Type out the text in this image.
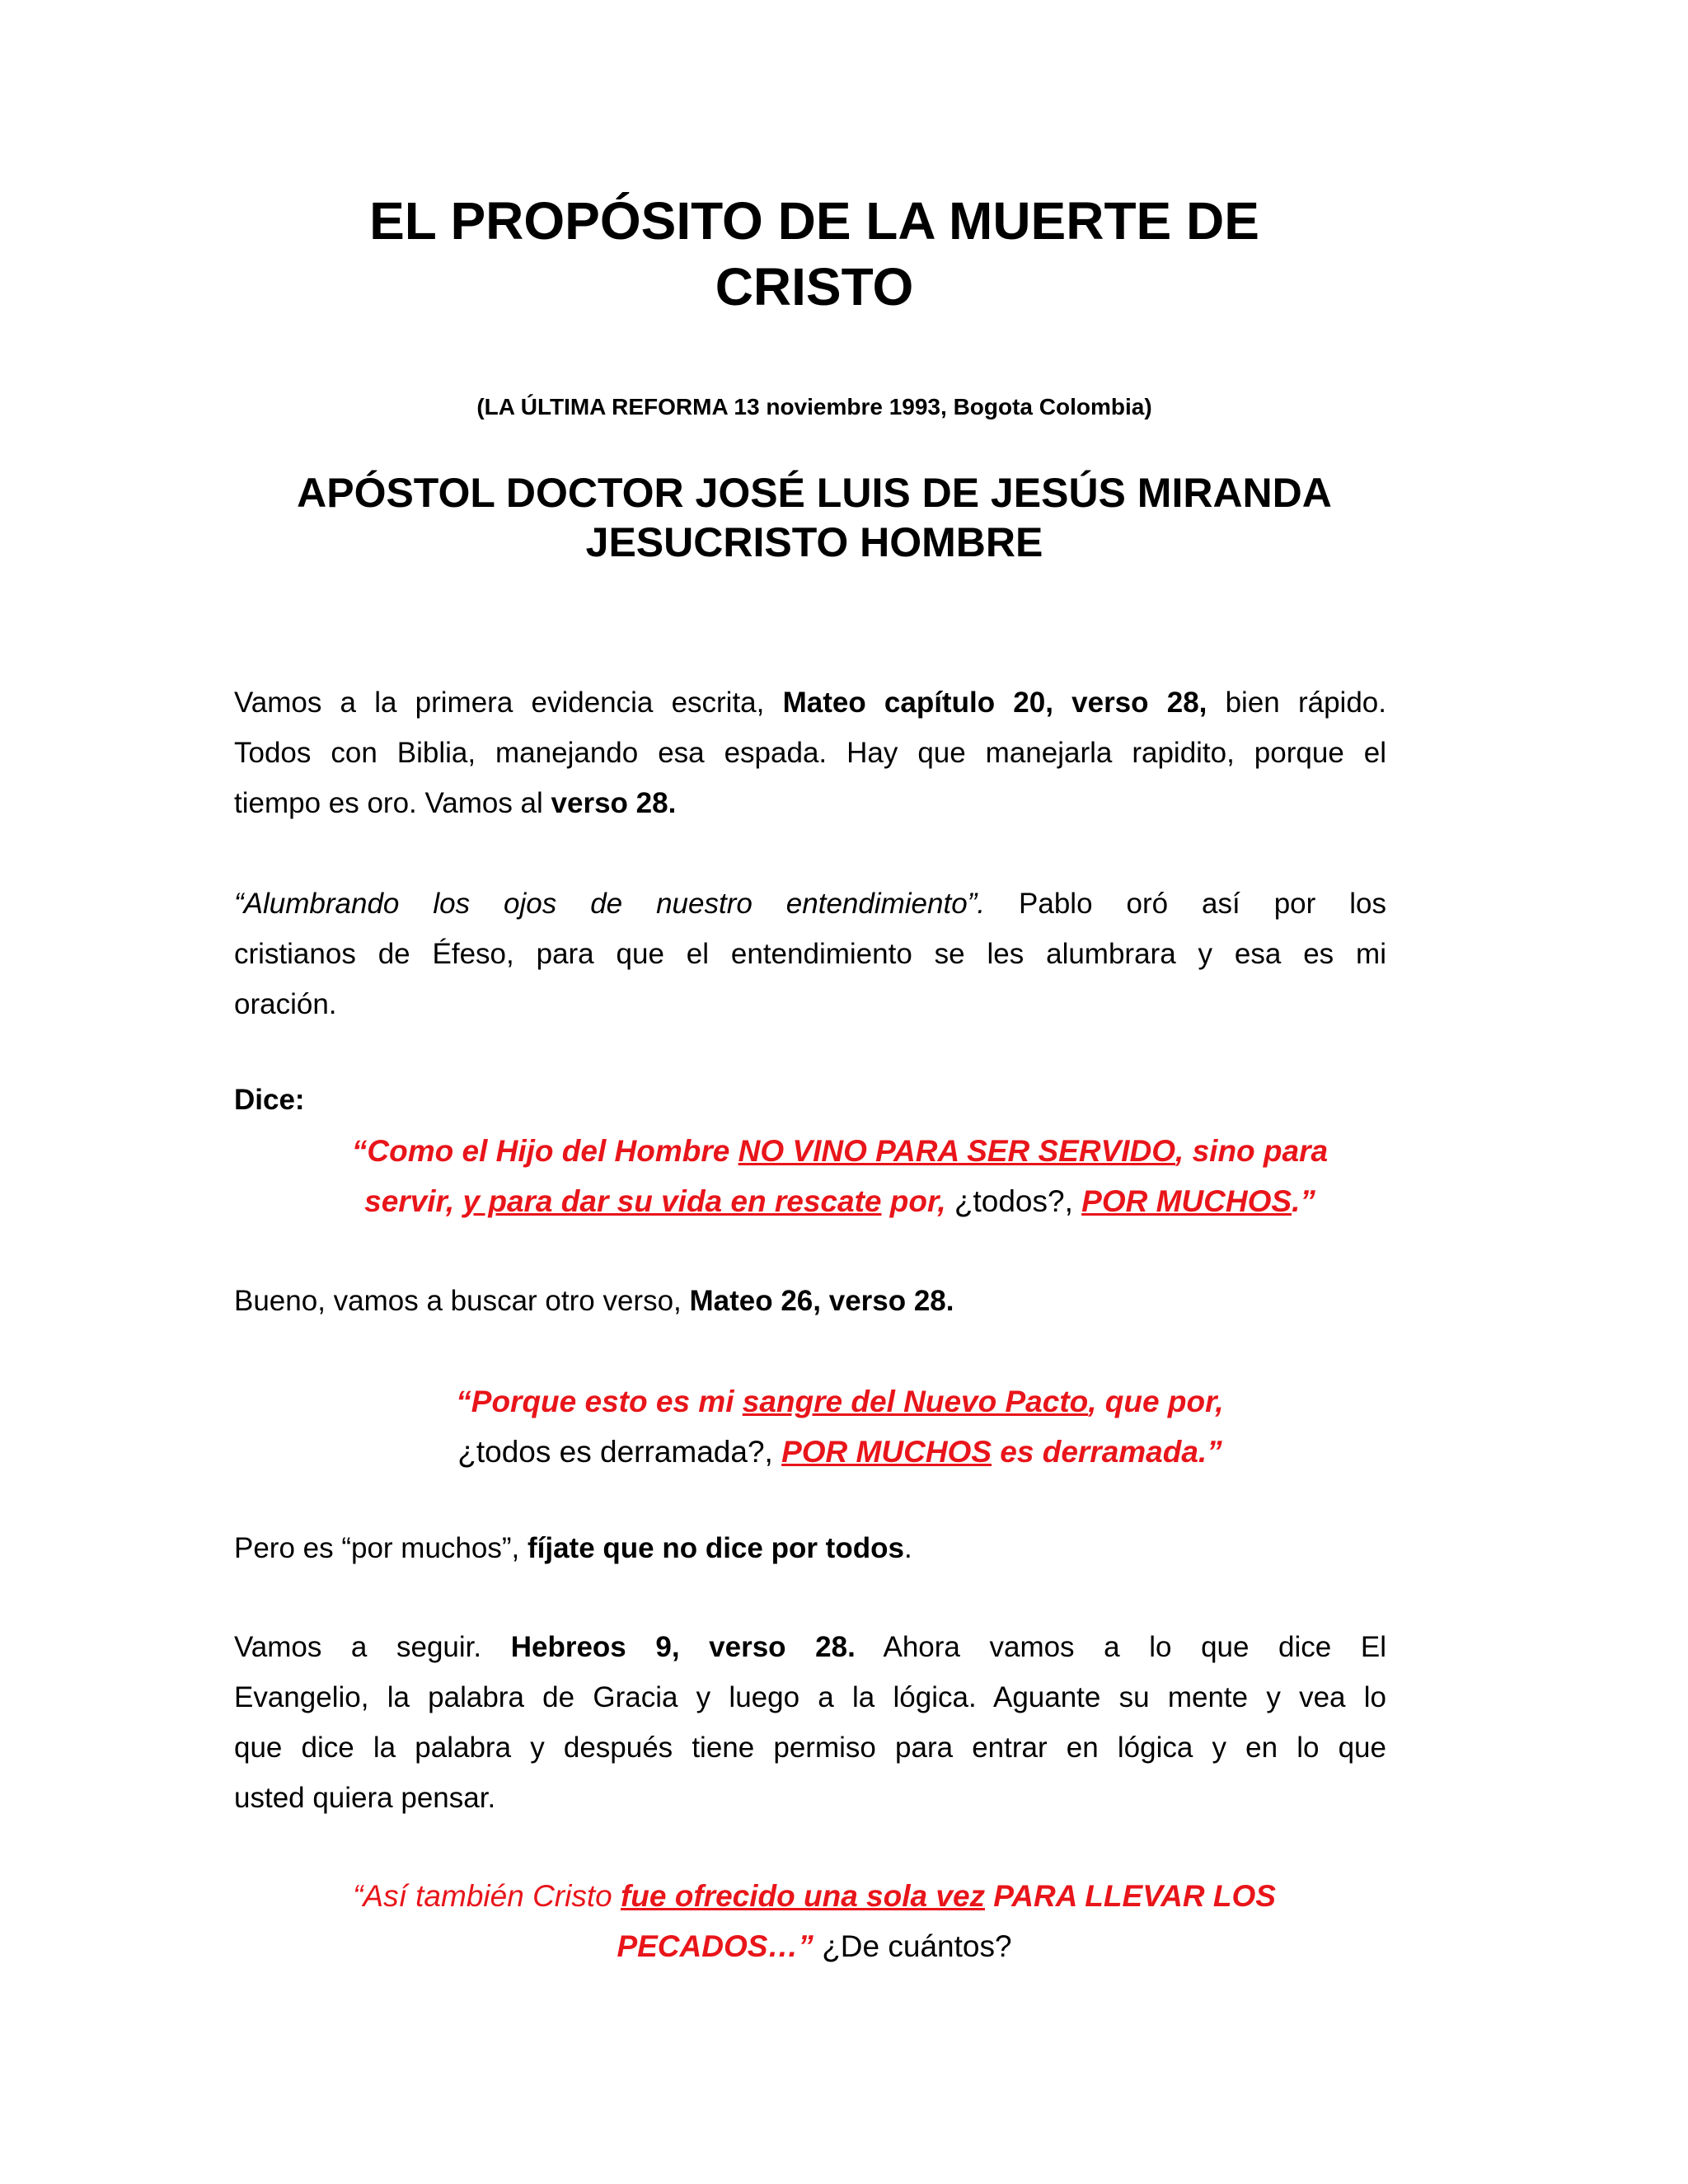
EL PROPÓSITO DE LA MUERTE DE
CRISTO
(LA ÚLTIMA REFORMA 13 noviembre 1993, Bogota Colombia)
APÓSTOL DOCTOR JOSÉ LUIS DE JESÚS MIRANDA
JESUCRISTO HOMBRE
Vamos a la primera evidencia escrita, Mateo capítulo 20, verso 28, bien rápido.
Todos con Biblia, manejando esa espada. Hay que manejarla rapidito, porque el
tiempo es oro. Vamos al verso 28.
“Alumbrando los ojos de nuestro entendimiento”. Pablo oró así por los
cristianos de Éfeso, para que el entendimiento se les alumbrara y esa es mi
oración.
Dice:
“Como el Hijo del Hombre NO VINO PARA SER SERVIDO, sino para
servir, y para dar su vida en rescate por, ¿todos?, POR MUCHOS.”
Bueno, vamos a buscar otro verso, Mateo 26, verso 28.
“Porque esto es mi sangre del Nuevo Pacto, que por,
¿todos es derramada?, POR MUCHOS es derramada.”
Pero es “por muchos”, fíjate que no dice por todos.
Vamos a seguir. Hebreos 9, verso 28. Ahora vamos a lo que dice El
Evangelio, la palabra de Gracia y luego a la lógica. Aguante su mente y vea lo
que dice la palabra y después tiene permiso para entrar en lógica y en lo que
usted quiera pensar.
“Así también Cristo fue ofrecido una sola vez PARA LLEVAR LOS
PECADOS…” ¿De cuántos?
